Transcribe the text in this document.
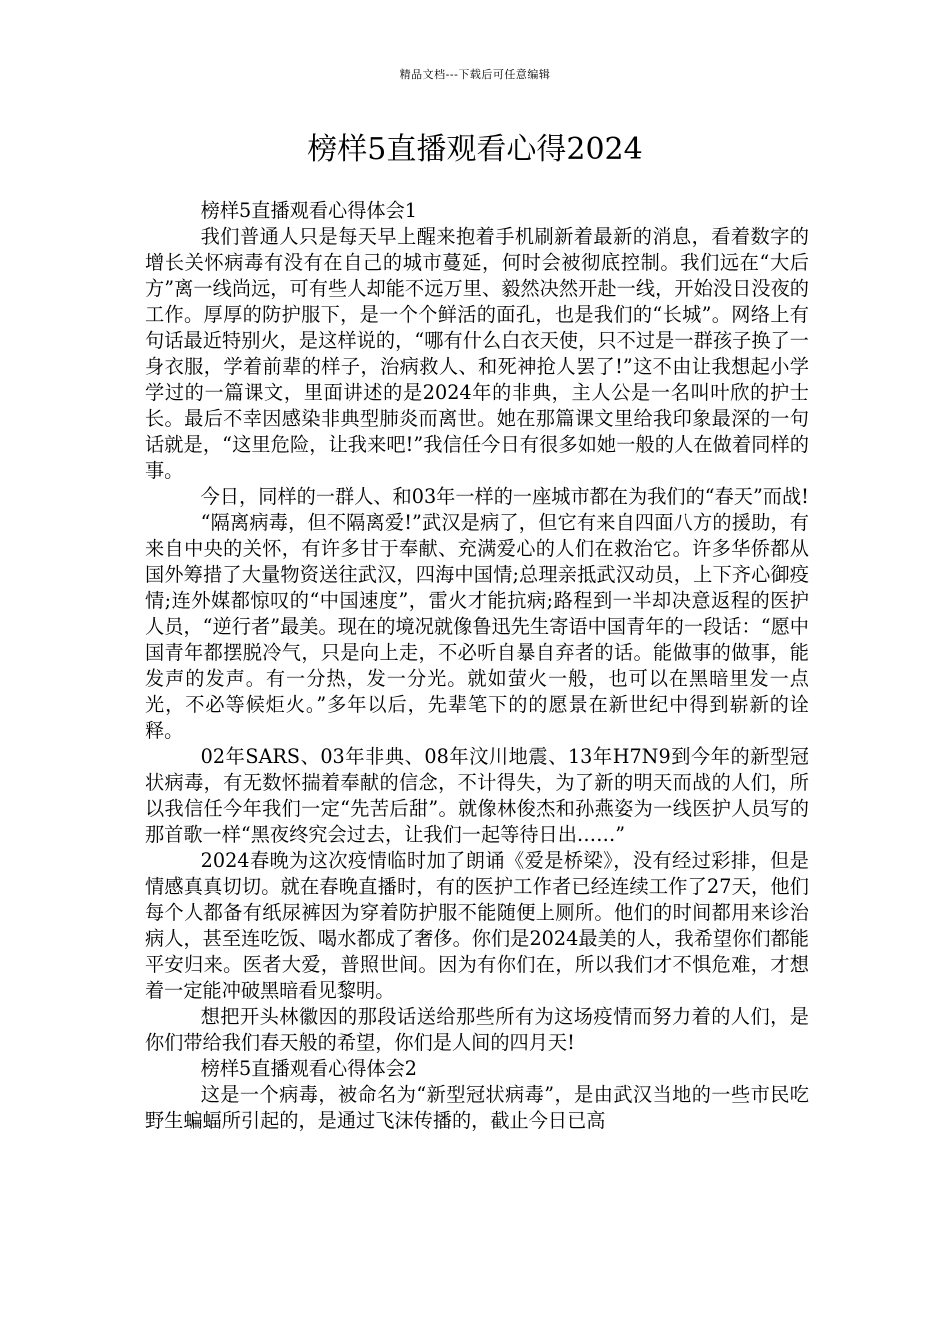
精品文档---下载后可任意编辑
榜样5直播观看心得2024

榜样5直播观看心得体会1

我们普通人只是每天早上醒来抱着手机刷新着最新的消息，看着数字的增长关怀病毒有没有在自己的城市蔓延，何时会被彻底控制。我们远在“大后方”离一线尚远，可有些人却能不远万里、毅然决然开赴一线，开始没日没夜的工作。厚厚的防护服下，是一个个鲜活的面孔，也是我们的“长城”。网络上有句话最近特别火，是这样说的，“哪有什么白衣天使，只不过是一群孩子换了一身衣服，学着前辈的样子，治病救人、和死神抢人罢了!”这不由让我想起小学学过的一篇课文，里面讲述的是2024年的非典，主人公是一名叫叶欣的护士长。最后不幸因感染非典型肺炎而离世。她在那篇课文里给我印象最深的一句话就是，“这里危险，让我来吧!”我信任今日有很多如她一般的人在做着同样的事。

今日，同样的一群人、和03年一样的一座城市都在为我们的“春天”而战!

“隔离病毒，但不隔离爱!”武汉是病了，但它有来自四面八方的援助，有来自中央的关怀，有许多甘于奉献、充满爱心的人们在救治它。许多华侨都从国外筹措了大量物资送往武汉，四海中国情;总理亲抵武汉动员，上下齐心御疫情;连外媒都惊叹的“中国速度”，雷火才能抗病;路程到一半却决意返程的医护人员，“逆行者”最美。现在的境况就像鲁迅先生寄语中国青年的一段话：“愿中国青年都摆脱冷气，只是向上走，不必听自暴自弃者的话。能做事的做事，能发声的发声。有一分热，发一分光。就如萤火一般，也可以在黑暗里发一点光，不必等候炬火。”多年以后，先辈笔下的的愿景在新世纪中得到崭新的诠释。

02年SARS、03年非典、08年汶川地震、13年H7N9到今年的新型冠状病毒，有无数怀揣着奉献的信念，不计得失，为了新的明天而战的人们，所以我信任今年我们一定“先苦后甜”。就像林俊杰和孙燕姿为一线医护人员写的那首歌一样“黑夜终究会过去，让我们一起等待日出……”

2024春晚为这次疫情临时加了朗诵《爱是桥梁》，没有经过彩排，但是情感真真切切。就在春晚直播时，有的医护工作者已经连续工作了27天，他们每个人都备有纸尿裤因为穿着防护服不能随便上厕所。他们的时间都用来诊治病人，甚至连吃饭、喝水都成了奢侈。你们是2024最美的人，我希望你们都能平安归来。医者大爱，普照世间。因为有你们在，所以我们才不惧危难，才想着一定能冲破黑暗看见黎明。

想把开头林徽因的那段话送给那些所有为这场疫情而努力着的人们，是你们带给我们春天般的希望，你们是人间的四月天!

榜样5直播观看心得体会2

这是一个病毒，被命名为“新型冠状病毒”，是由武汉当地的一些市民吃野生蝙蝠所引起的，是通过飞沫传播的，截止今日已高
